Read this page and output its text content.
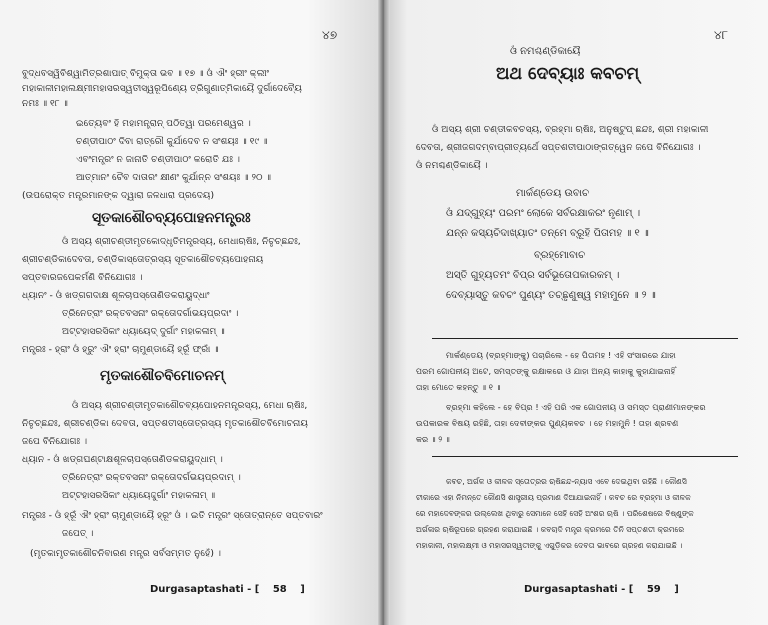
୪୭
ବୁଦ୍ଧବସ୍ୱିବିଶ୍ୱାମିତ୍ରଶାପାତ୍ ବିମୁକ୍ତା ଭବ ॥ ୧୭ ॥ ଓଁ ଐଂ ହ୍ରୀଂ କ୍ଲୀଂ
ମହାକାଳୀମହାଲକ୍ଷ୍ମୀମହାସରସ୍ୱତୀସ୍ୱରୂପିଣ୍ୟେ ତ୍ରିଗୁଣାତ୍ମିକାୟୈ ଦୁର୍ଗାଦେବ୍ୟୈ
ନମଃ ॥ ୧୮ ॥
ଇତ୍ୟେବଂ ହି ମହାମନ୍ତ୍ରାନ୍ ପଠିତ୍ୱା ପରମେଶ୍ୱର ।
ଚଣ୍ଡୀପାଠଂ ଦିବା ରାତ୍ରୌ କୁର୍ଯାଦେବ ନ ସଂଶୟଃ ॥ ୧୯ ॥
ଏବଂମନ୍ତ୍ରଂ ନ ଜାନାତି ଚଣ୍ଡୀପାଠଂ କରୋତି ଯଃ ।
ଆତ୍ମାନଂ ଚୈବ ଦାତାରଂ କ୍ଷୀଣଂ କୁର୍ଯାନ୍ନ ସଂଶୟଃ ॥ ୨୦ ॥
(ଉପରୋକ୍ତ ମନ୍ତ୍ରମାନଙ୍କ ଦ୍ୱାରା ଜଳଧାରା ପ୍ରଦେୟ)
ସୂତକାଶୌଚବ୍ୟପୋହନମନ୍ତ୍ରଃ
ଓଁ ଅସ୍ୟ ଶ୍ରୀଚଣ୍ଡୀମୃତକୋଦ୍ଧୃତିମନ୍ତ୍ରସ୍ୟ, ମେଧାଋଷିଃ, ନିଚୃଚ୍ଛନ୍ଦଃ,
ଶ୍ରୀଚଣ୍ଡିକାଦେବତା, ଚଣ୍ଡିକାସ୍ତୋତ୍ରସ୍ୟ ସୂତକାଶୌଚବ୍ୟପୋହନାୟ
ସପ୍ତବାରଜପେକର୍ମଣି ବିନିଯୋଗଃ ।
ଧ୍ୟାନଂ - ଓଁ ଖଡ୍ଗଗଦାକ୍ଷ ଶୂଳଚାପସ୍ତୋଣିଡକରାୟୁଦ୍ଧାଂ
ତ୍ରିନେତ୍ରାଂ ରକ୍ତବସନାଂ ରକ୍ତୋଦର୍ଗାଭୟପ୍ରଦାଂ ।
ଅଟ୍ଟହାସରସିକାଂ ଧ୍ୟାୟେଦ୍ ଦୁର୍ଗାଂ ମହାକଳାମ୍ ॥
ମନ୍ତ୍ରଃ - ହ୍ରାଂ ଓଁ ହ୍ରୁଂ ଐଂ ହ୍ରାଂ ଚାମୁଣ୍ଡାୟୈ ହ୍ରୂଁ ଫ୍ରାଁ ॥
ମୃତକାଶୌଚବିମୋଚନମ୍
ଓଁ ଅସ୍ୟ ଶ୍ରୀଚଣ୍ଡୀମୃତକାଶୌଚବ୍ୟପୋହନମନ୍ତ୍ରସ୍ୟ, ମେଧା ଋଷିଃ,
ନିଚୃଚ୍ଛନ୍ଦଃ, ଶ୍ରୀଚଣ୍ଡିକା ଦେବତା, ସପ୍ତଶତୀସ୍ତୋତ୍ରସ୍ୟ ମୃତକାଶୌଚବିମୋଚନାୟ
ଜପେ ବିନିଯୋଗଃ ।
ଧ୍ୟାନ - ଓଁ ଖଡ୍ଗଘଣ୍ଟାକ୍ଷଶୂଳଚାପସ୍ତୋଣିଡକରାୟୁଦ୍ଧାମ୍ ।
ତ୍ରିନେତ୍ରାଂ ରକ୍ତବସନାଂ ରକ୍ତୋଦର୍ଗଭୟପ୍ରଦାମ୍ ।
ଅଟ୍ଟହାସରସିକାଂ ଧ୍ୟାୟେଦ୍ଦୁର୍ଗାଂ ମହାକଳାମ୍ ॥
ମନ୍ତ୍ରଃ - ଓଁ ହ୍ରୂଁ ଐଂ ହ୍ରାଂ ଚାମୁଣ୍ଡାୟୈ ହ୍ରୂଂ ଓଁ । ଇତି ମନ୍ତ୍ରଂ ସ୍ତୋତ୍ରାନ୍ତେ ସପ୍ତବାରଂ
ଜପେତ୍ ।
(ମୃତକାମୃତକାଶୌଚନିବାରଣ ମନ୍ତ୍ର ସର୍ବସମ୍ମତ ନୁହେଁ) ।
Durgasaptashati - [ 58 ]
୪୮
ଓଁ ନମଶ୍ଚଣ୍ଡିକାୟୈ
ଅଥ ଦେବ୍ୟାଃ କବଚମ୍
ଓଁ ଅସ୍ୟ ଶ୍ରୀ ଚଣ୍ଡୀକବଚସ୍ୟ, ବ୍ରହ୍ମା ଋଷିଃ, ଅନୁଷ୍ଟୁପ୍ ଛନ୍ଦଃ, ଶ୍ରୀ ମହାକାଳୀ
ଦେବତା, ଶ୍ରୀଜଗଦମ୍ବାପ୍ରୀତ୍ୟର୍ଥେ ସପ୍ତଶତୀପାଠାଙ୍ଗତ୍ୱେନ ଜପେ ବିନିଯୋଗଃ ।
ଓଁ ନମଶ୍ଚଣ୍ଡିକାୟୈ ।
ମାର୍କଣ୍ଡେୟ ଉବାଚ
ଓଁ ଯଦ୍‌ଗୁହ୍ୟଂ ପରମଂ ଲୋକେ ସର୍ବରକ୍ଷାକରଂ ନୃଣାମ୍ ।
ଯନ୍ନ କସ୍ୟଚିଦାଖ୍ୟାତଂ ତନ୍ମେ ବ୍ରୂହି ପିତାମହ ॥ ୧ ॥
ବ୍ରହ୍ମୋବାଚ
ଅସ୍ତି ଗୁହ୍ୟତମଂ ବିପ୍ର ସର୍ବଭୂତୋପକାରକମ୍ ।
ଦେବ୍ୟାସ୍ତୁ କବଚଂ ପୁଣ୍ୟଂ ତଚ୍ଛୃଣୁଷ୍ୱ ମହାମୁନେ ॥ ୨ ॥
ମାର୍କଣ୍ଡେୟ (ବ୍ରହ୍ମାଙ୍କୁ) ପଚାରିଲେ - ହେ ପିତାମହ ! ଏହି ସଂସାରରେ ଯାହା
ପରମ ଗୋପନୀୟ ଅଟେ, ସମସ୍ତଙ୍କୁ ରକ୍ଷାକରେ ଓ ଯାହା ଅନ୍ୟ କାହାକୁ କୁହାଯାଇନାହିଁ
ତାହା ମୋତେ କହନ୍ତୁ ॥ ୧ ॥
ବ୍ରହ୍ମା କହିଲେ - ହେ ବିପ୍ର ! ଏହି ପରି ଏକ ଗୋପନୀୟ ଓ ସମସ୍ତ ପ୍ରାଣୀମାନଙ୍କର
ଉପକାରକ ବିଷୟ ରହିଛି, ତାହା ଦେବୀଙ୍କର ପୁଣ୍ୟକବଚ । ହେ ମହାମୁନି ! ତାହା ଶ୍ରବଣ
କର ॥ ୨ ॥
କବଚ, ଅର୍ଗଳ ଓ କୀଳକ ସ୍ତୋତ୍ରର ଋଷିଛନ୍ଦ-ନ୍ୟାସ ଏବେ ଦେଇଥିବା ରହିଛି । କୌଣସି
ଟୀକାରେ ଏହା ନିମନ୍ତେ କୌଣସି ଶାସ୍ତ୍ରୀୟ ପ୍ରମାଣ ଦିଆଯାଇନାହିଁ । କବଚ ରେ ବ୍ରହ୍ମା ଓ କୀଳକ
ରେ ମହାଦେବଙ୍କର ଉଲ୍ଲେଖ ଥିବାରୁ ସେମାନେ ସେହି ସେହି ଅଂଶର ଋଷି । ପରିଶେଷରେ ବିଷ୍ଣୁଙ୍କ
ଅର୍ଗଳାର ଋଷିରୂପରେ ଗ୍ରହଣ କରାଯାଇଛି । କବଚାଦି ମନ୍ତ୍ର କ୍ରମରେ ତିନି ସପ୍ତଶତୀ କ୍ରମରେ
ମହାକାଳୀ, ମହାଲକ୍ଷ୍ମୀ ଓ ମହାସରସ୍ୱତୀଙ୍କୁ ଏଗୁଡ଼ିକର ଦେବତା ଭାବରେ ଗ୍ରହଣ କରାଯାଇଛି ।
Durgasaptashati - [ 59 ]
